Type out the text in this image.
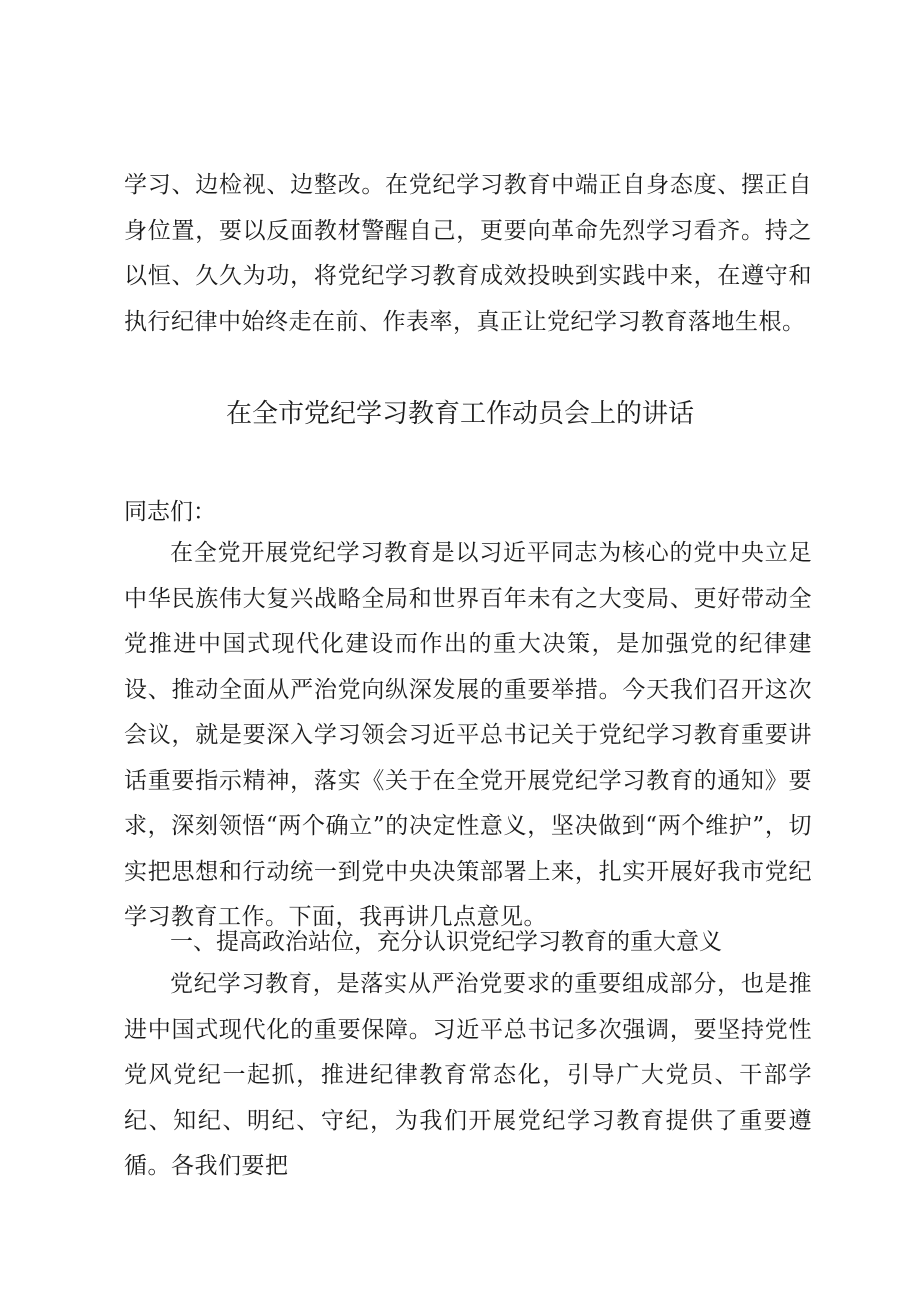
学习、边检视、边整改。在党纪学习教育中端正自身态度、摆正自身位置，要以反面教材警醒自己，更要向革命先烈学习看齐。持之以恒、久久为功，将党纪学习教育成效投映到实践中来，在遵守和执行纪律中始终走在前、作表率，真正让党纪学习教育落地生根。

在全市党纪学习教育工作动员会上的讲话

同志们：

在全党开展党纪学习教育是以习近平同志为核心的党中央立足中华民族伟大复兴战略全局和世界百年未有之大变局、更好带动全党推进中国式现代化建设而作出的重大决策，是加强党的纪律建设、推动全面从严治党向纵深发展的重要举措。今天我们召开这次会议，就是要深入学习领会习近平总书记关于党纪学习教育重要讲话重要指示精神，落实《关于在全党开展党纪学习教育的通知》要求，深刻领悟“两个确立”的决定性意义，坚决做到“两个维护”，切实把思想和行动统一到党中央决策部署上来，扎实开展好我市党纪学习教育工作。下面，我再讲几点意见。

一、提高政治站位，充分认识党纪学习教育的重大意义

党纪学习教育，是落实从严治党要求的重要组成部分，也是推进中国式现代化的重要保障。习近平总书记多次强调，要坚持党性党风党纪一起抓，推进纪律教育常态化，引导广大党员、干部学纪、知纪、明纪、守纪，为我们开展党纪学习教育提供了重要遵循。各我们要把
